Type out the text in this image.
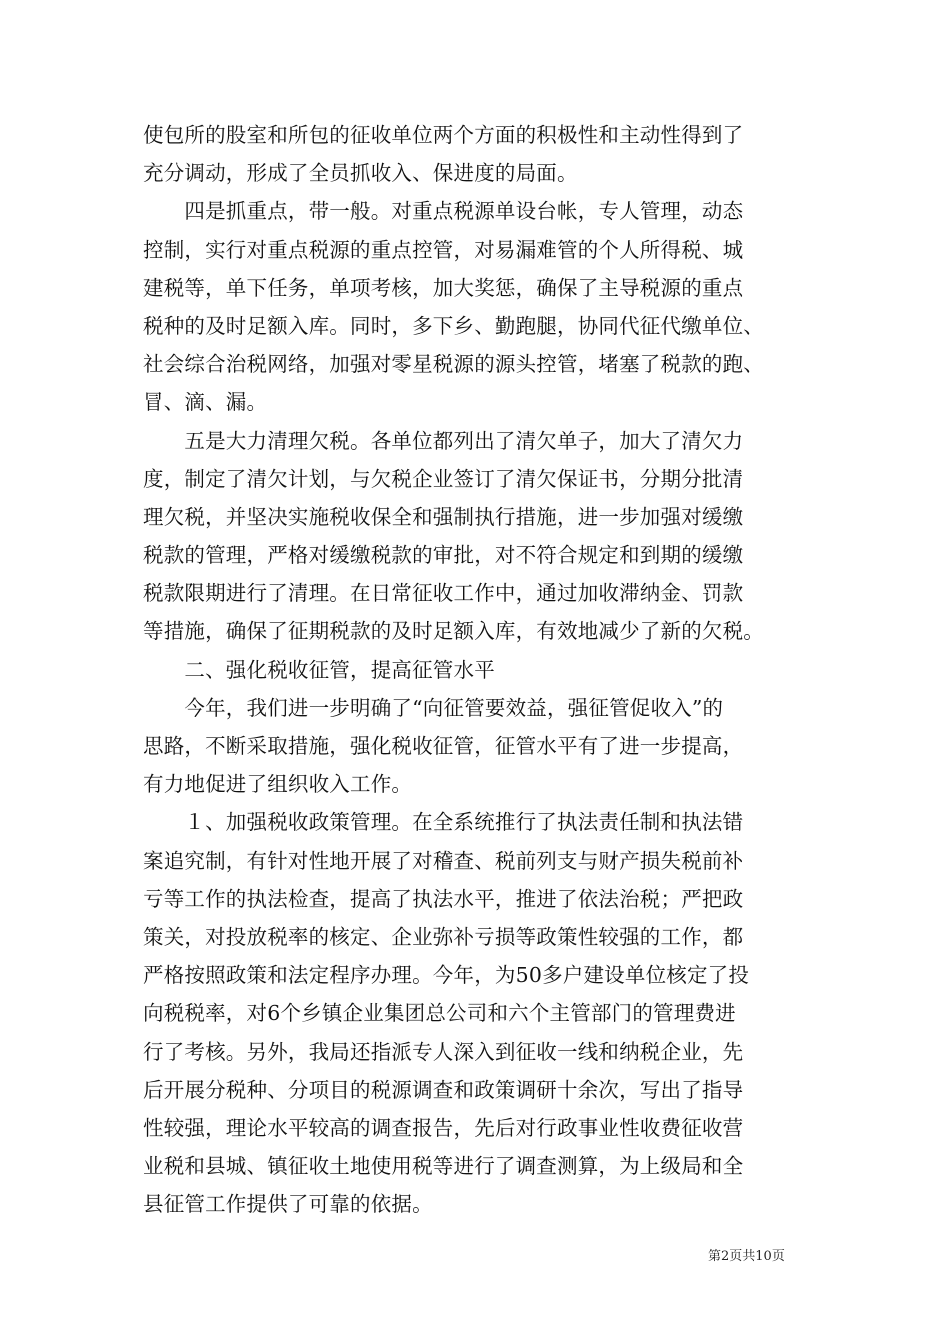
使包所的股室和所包的征收单位两个方面的积极性和主动性得到了
充分调动，形成了全员抓收入、保进度的局面。
　　四是抓重点，带一般。对重点税源单设台帐，专人管理，动态
控制，实行对重点税源的重点控管，对易漏难管的个人所得税、城
建税等，单下任务，单项考核，加大奖惩，确保了主导税源的重点
税种的及时足额入库。同时，多下乡、勤跑腿，协同代征代缴单位、
社会综合治税网络，加强对零星税源的源头控管，堵塞了税款的跑、
冒、滴、漏。
　　五是大力清理欠税。各单位都列出了清欠单子，加大了清欠力
度，制定了清欠计划，与欠税企业签订了清欠保证书，分期分批清
理欠税，并坚决实施税收保全和强制执行措施，进一步加强对缓缴
税款的管理，严格对缓缴税款的审批，对不符合规定和到期的缓缴
税款限期进行了清理。在日常征收工作中，通过加收滞纳金、罚款
等措施，确保了征期税款的及时足额入库，有效地减少了新的欠税。
　　二、强化税收征管，提高征管水平
　　今年，我们进一步明确了“向征管要效益，强征管促收入”的
思路，不断采取措施，强化税收征管，征管水平有了进一步提高，
有力地促进了组织收入工作。
　　１、加强税收政策管理。在全系统推行了执法责任制和执法错
案追究制，有针对性地开展了对稽查、税前列支与财产损失税前补
亏等工作的执法检查，提高了执法水平，推进了依法治税；严把政
策关，对投放税率的核定、企业弥补亏损等政策性较强的工作，都
严格按照政策和法定程序办理。今年，为50多户建设单位核定了投
向税税率，对6个乡镇企业集团总公司和六个主管部门的管理费进
行了考核。另外，我局还指派专人深入到征收一线和纳税企业，先
后开展分税种、分项目的税源调查和政策调研十余次，写出了指导
性较强，理论水平较高的调查报告，先后对行政事业性收费征收营
业税和县城、镇征收土地使用税等进行了调查测算，为上级局和全
县征管工作提供了可靠的依据。
第2页共10页
